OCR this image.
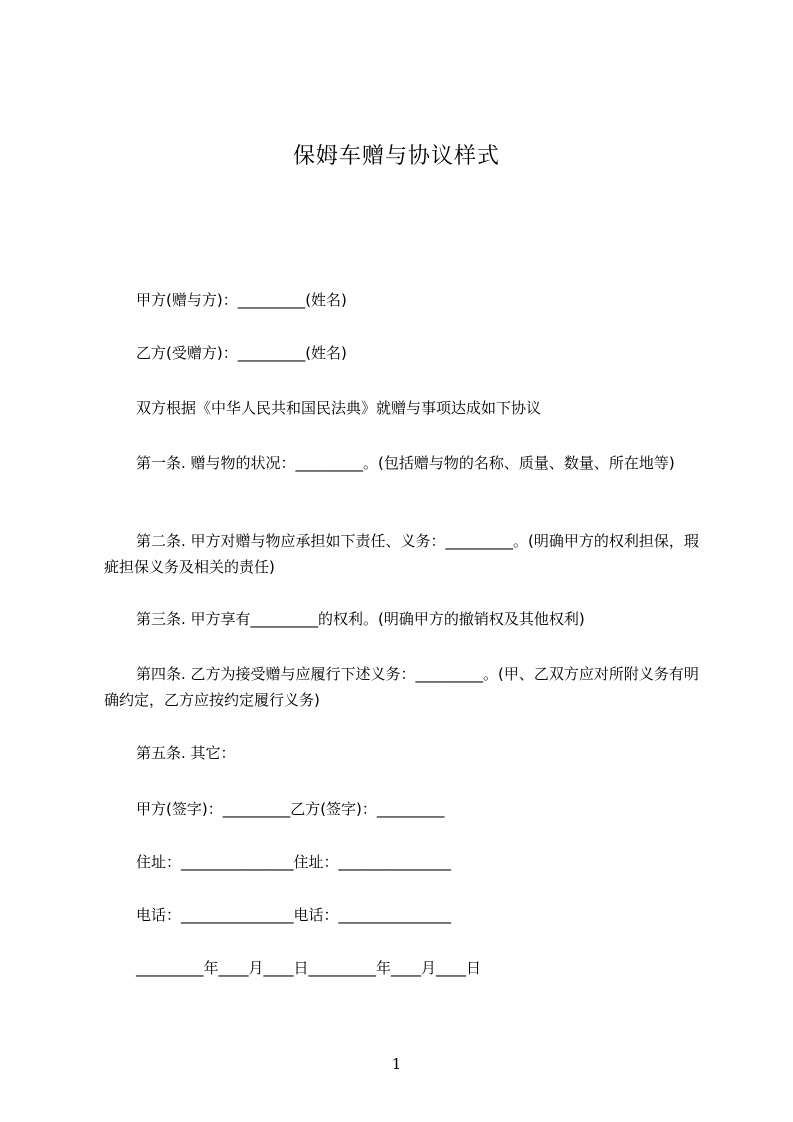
保姆车赠与协议样式

甲方(赠与方)：_________(姓名)

乙方(受赠方)：_________(姓名)

双方根据《中华人民共和国民法典》就赠与事项达成如下协议

第一条. 赠与物的状况：_________。(包括赠与物的名称、质量、数量、所在地等)

第二条. 甲方对赠与物应承担如下责任、义务：_________。(明确甲方的权利担保，瑕疵担保义务及相关的责任)

第三条. 甲方享有_________的权利。(明确甲方的撤销权及其他权利)

第四条. 乙方为接受赠与应履行下述义务：_________。(甲、乙双方应对所附义务有明确约定，乙方应按约定履行义务)

第五条. 其它：

甲方(签字)：_________乙方(签字)：_________
住址：_______________住址：_______________
电话：_______________电话：_______________
_________年____月____日_________年____月____日
1
